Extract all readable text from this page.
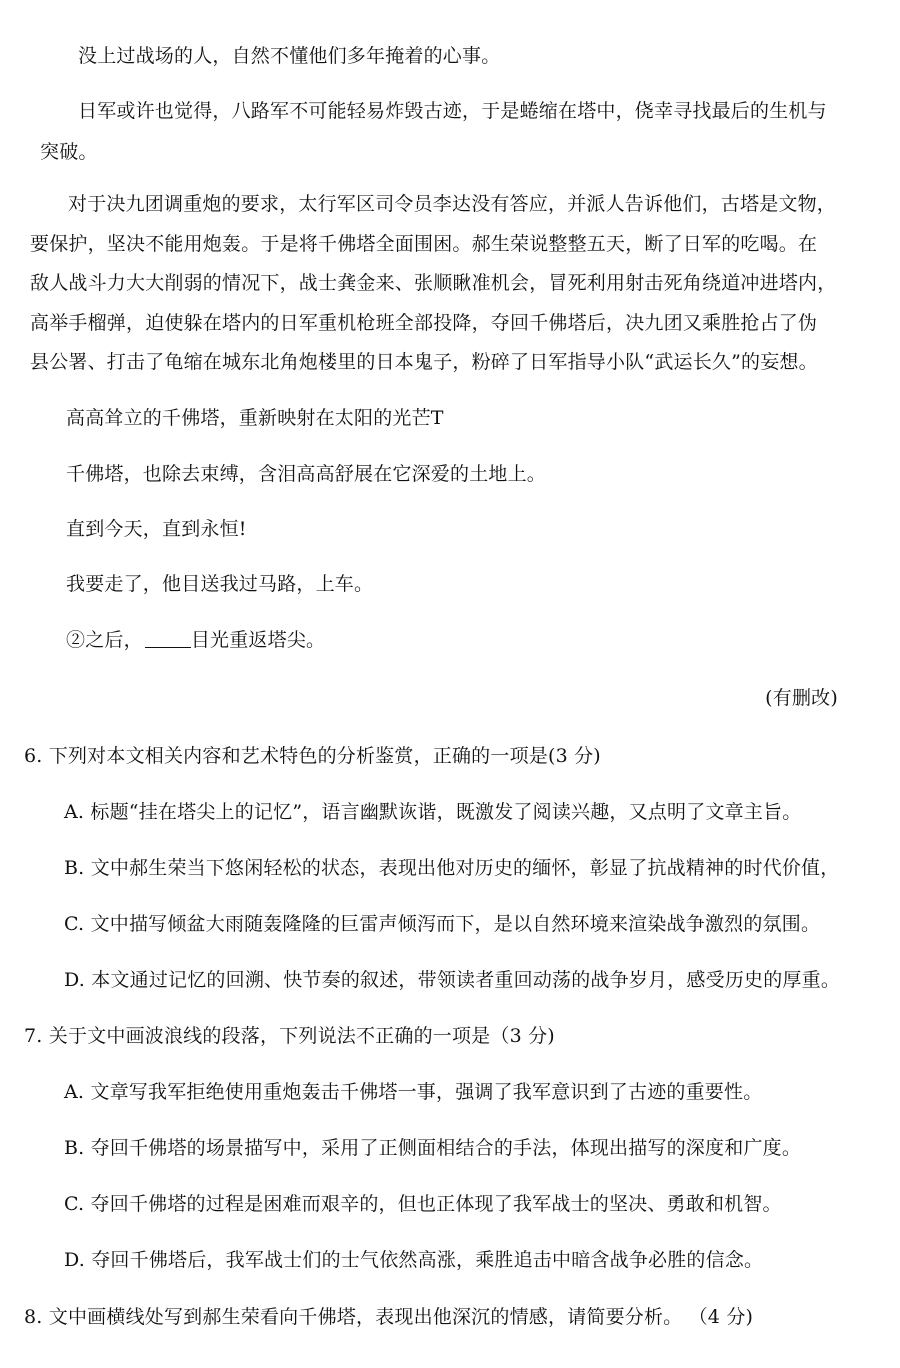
没上过战场的人，自然不懂他们多年掩着的心事。
日军或许也觉得，八路军不可能轻易炸毁古迹，于是蜷缩在塔中，侥幸寻找最后的生机与
突破。
对于决九团调重炮的要求，太行军区司令员李达没有答应，并派人告诉他们，古塔是文物，
要保护，坚决不能用炮轰。于是将千佛塔全面围困。郝生荣说整整五天，断了日军的吃喝。在
敌人战斗力大大削弱的情况下，战士龚金来、张顺瞅准机会，冒死利用射击死角绕道冲进塔内，
高举手榴弹，迫使躲在塔内的日军重机枪班全部投降，夺回千佛塔后，决九团又乘胜抢占了伪
县公署、打击了龟缩在城东北角炮楼里的日本鬼子，粉碎了日军指导小队“武运长久”的妄想。
高高耸立的千佛塔，重新映射在太阳的光芒T
千佛塔，也除去束缚，含泪高高舒展在它深爱的土地上。
直到今天，直到永恒!
我要走了，他目送我过马路，上车。
②之后，	目光重返塔尖。
(有删改)
6. 下列对本文相关内容和艺术特色的分析鉴赏，正确的一项是(3 分)
A. 标题“挂在塔尖上的记忆”，语言幽默诙谐，既激发了阅读兴趣，又点明了文章主旨。
B. 文中郝生荣当下悠闲轻松的状态，表现出他对历史的缅怀，彰显了抗战精神的时代价值，
C. 文中描写倾盆大雨随轰隆隆的巨雷声倾泻而下，是以自然环境来渲染战争激烈的氛围。
D. 本文通过记忆的回溯、快节奏的叙述，带领读者重回动荡的战争岁月，感受历史的厚重。
7. 关于文中画波浪线的段落，下列说法不正确的一项是（3 分)
A. 文章写我军拒绝使用重炮轰击千佛塔一事，强调了我军意识到了古迹的重要性。
B. 夺回千佛塔的场景描写中，采用了正侧面相结合的手法，体现出描写的深度和广度。
C. 夺回千佛塔的过程是困难而艰辛的，但也正体现了我军战士的坚决、勇敢和机智。
D. 夺回千佛塔后，我军战士们的士气依然高涨，乘胜追击中暗含战争必胜的信念。
8. 文中画横线处写到郝生荣看向千佛塔，表现出他深沉的情感，请简要分析。 （4 分)
